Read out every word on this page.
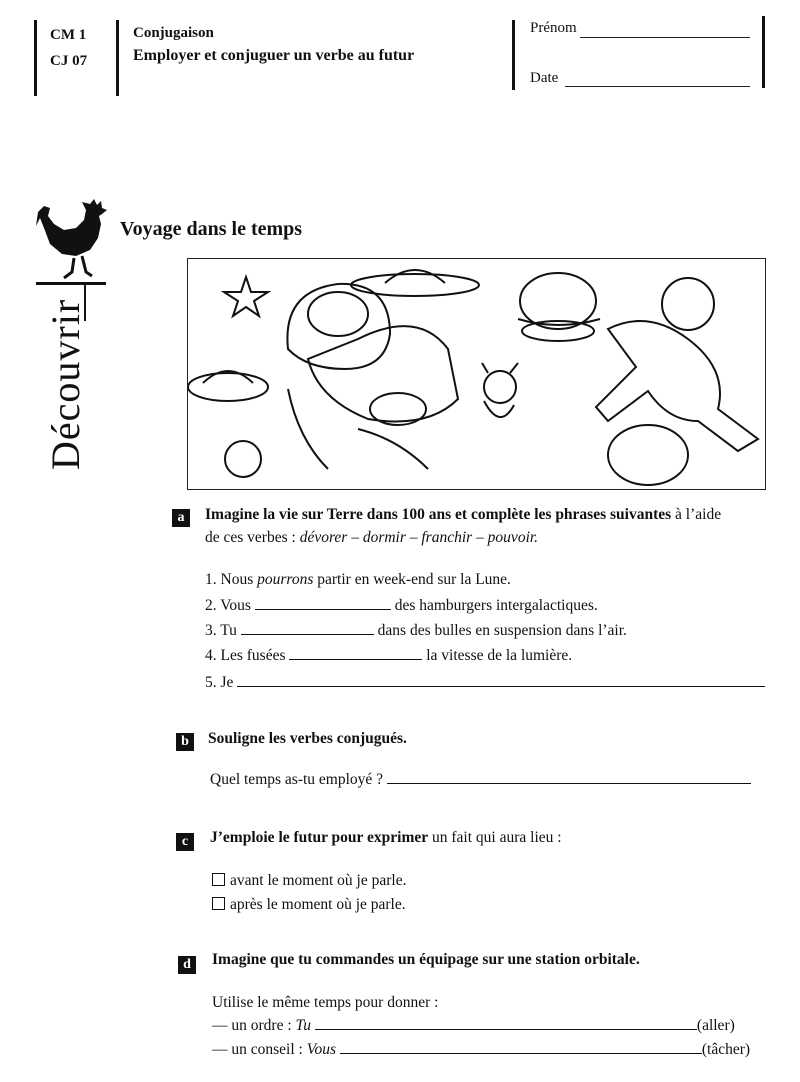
CM 1
CJ 07
Conjugaison
Employer et conjuguer un verbe au futur
Prénom
Date
Découvrir
Voyage dans le temps
a	Imagine la vie sur Terre dans 100 ans et complète les phrases suivantes à l’aide
de ces verbes : dévorer – dormir – franchir – pouvoir.
1. Nous pourrons partir en week-end sur la Lune.
2. Vous	des hamburgers intergalactiques.
3. Tu	dans des bulles en suspension dans l’air.
4. Les fusées	la vitesse de la lumière.
5. Je
b	Souligne les verbes conjugués.
Quel temps as-tu employé ?
c	J’emploie le futur pour exprimer un fait qui aura lieu :
avant le moment où je parle.
après le moment où je parle.
d	Imagine que tu commandes un équipage sur une station orbitale.
Utilise le même temps pour donner :
— un ordre : Tu	(aller)
— un conseil : Vous	(tâcher)
